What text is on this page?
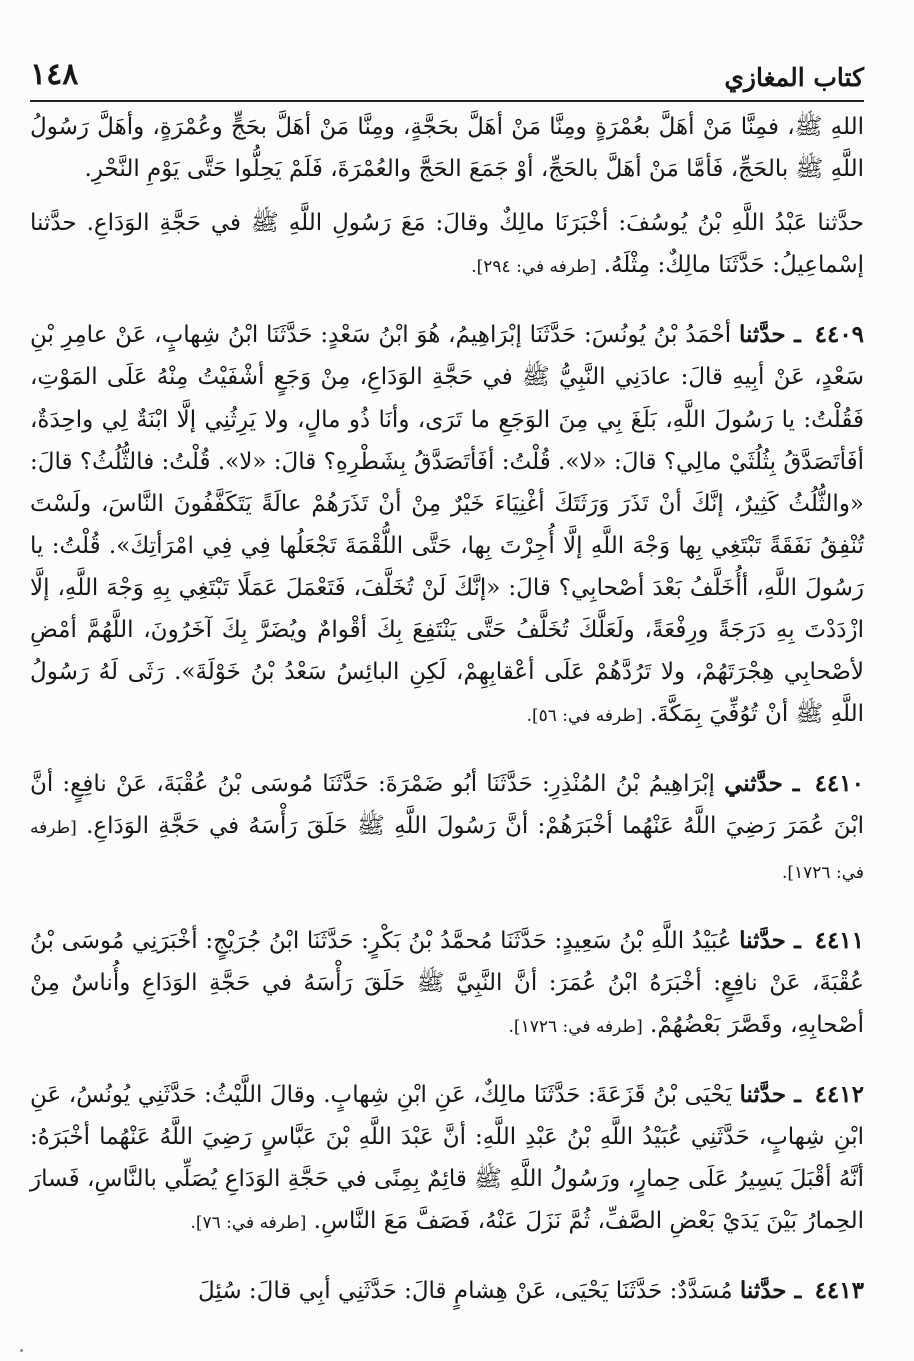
كتاب المغازي
١٤٨

اللهِ ﷺ، فمِنَّا مَنْ أهَلَّ بعُمْرَةٍ ومِنَّا مَنْ أهَلَّ بحَجَّةٍ، ومِنَّا مَنْ أهَلَّ بحَجٍّ وعُمْرَةٍ، وأهَلَّ رَسُولُ اللَّهِ ﷺ بالحَجِّ، فَأمَّا مَنْ أهَلَّ بالحَجِّ، أوْ جَمَعَ الحَجَّ والعُمْرَةَ، فَلَمْ يَحِلُّوا حَتَّى يَوْمِ النَّحْرِ.

حدَّثنا عَبْدُ اللَّهِ بْنُ يُوسُفَ: أخْبَرَنَا مالِكٌ وقالَ: مَعَ رَسُولِ اللَّهِ ﷺ في حَجَّةِ الوَدَاعِ. حدَّثنا إسْماعِيلُ: حَدَّثَنَا مالِكٌ: مِثْلَهُ. [طرفه في: ٢٩٤].

٤٤٠٩ ـ حدَّثنا أحْمَدُ بْنُ يُونُسَ: حَدَّثَنَا إبْرَاهِيمُ، هُوَ ابْنُ سَعْدٍ: حَدَّثَنَا ابْنُ شِهابٍ، عَنْ عامِرِ بْنِ سَعْدٍ، عَنْ أبِيهِ قالَ: عادَنِي النَّبِيُّ ﷺ في حَجَّةِ الوَدَاعِ، مِنْ وَجَعٍ أشْفَيْتُ مِنْهُ عَلَى المَوْتِ، فَقُلْتُ: يا رَسُولَ اللَّهِ، بَلَغَ بِي مِنَ الوَجَعِ ما تَرَى، وأنَا ذُو مالٍ، ولا يَرِثُنِي إلَّا ابْنَةٌ لِي واحِدَةٌ، أفَأتَصَدَّقُ بِثُلُثَيْ مالِي؟ قالَ: «لا». قُلْتُ: أفَأتَصَدَّقُ بِشَطْرِهِ؟ قالَ: «لا». قُلْتُ: فالثُّلُثُ؟ قالَ: «والثُّلُثُ كَثِيرٌ، إنَّكَ أنْ تَذَرَ وَرَثَتَكَ أغْنِيَاءَ خَيْرٌ مِنْ أنْ تَذَرَهُمْ عالَةً يَتَكَفَّفُونَ النَّاسَ، ولَسْتَ تُنْفِقُ نَفَقَةً تَبْتَغِي بِها وَجْهَ اللَّهِ إلَّا أُجِرْتَ بِها، حَتَّى اللُّقْمَةَ تَجْعَلُها فِي فِي امْرَأتِكَ». قُلْتُ: يا رَسُولَ اللَّهِ، أأُخَلَّفُ بَعْدَ أصْحابِي؟ قالَ: «إنَّكَ لَنْ تُخَلَّفَ، فَتَعْمَلَ عَمَلًا تَبْتَغِي بِهِ وَجْهَ اللَّهِ، إلَّا ازْدَدْتَ بِهِ دَرَجَةً ورِفْعَةً، ولَعَلَّكَ تُخَلَّفُ حَتَّى يَنْتَفِعَ بِكَ أقْوامٌ ويُضَرَّ بِكَ آخَرُونَ، اللَّهُمَّ أمْضِ لأصْحابِي هِجْرَتَهُمْ، ولا تَرُدَّهُمْ عَلَى أعْقابِهِمْ، لَكِنِ البائِسُ سَعْدُ بْنُ خَوْلَةَ». رَثَى لَهُ رَسُولُ اللَّهِ ﷺ أنْ تُوُفِّيَ بِمَكَّةَ. [طرفه في: ٥٦].

٤٤١٠ ـ حدَّثني إبْرَاهِيمُ بْنُ المُنْذِرِ: حَدَّثَنَا أبُو ضَمْرَةَ: حَدَّثَنَا مُوسَى بْنُ عُقْبَةَ، عَنْ نافِعٍ: أنَّ ابْنَ عُمَرَ رَضِيَ اللَّهُ عَنْهُما أخْبَرَهُمْ: أنَّ رَسُولَ اللَّهِ ﷺ حَلَقَ رَأْسَهُ في حَجَّةِ الوَدَاعِ. [طرفه في: ١٧٢٦].

٤٤١١ ـ حدَّثنا عُبَيْدُ اللَّهِ بْنُ سَعِيدٍ: حَدَّثَنَا مُحمَّدُ بْنُ بَكْرٍ: حَدَّثَنَا ابْنُ جُرَيْجٍ: أخْبَرَنِي مُوسَى بْنُ عُقْبَةَ، عَنْ نافِعٍ: أخْبَرَهُ ابْنُ عُمَرَ: أنَّ النَّبِيَّ ﷺ حَلَقَ رَأْسَهُ في حَجَّةِ الوَدَاعِ وأُناسٌ مِنْ أصْحابِهِ، وقَصَّرَ بَعْضُهُمْ. [طرفه في: ١٧٢٦].

٤٤١٢ ـ حدَّثنا يَحْيَى بْنُ قَزَعَةَ: حَدَّثَنَا مالِكٌ، عَنِ ابْنِ شِهابٍ. وقالَ اللَّيْثُ: حَدَّثَنِي يُونُسُ، عَنِ ابْنِ شِهابٍ، حَدَّثَنِي عُبَيْدُ اللَّهِ بْنُ عَبْدِ اللَّهِ: أنَّ عَبْدَ اللَّهِ بْنَ عَبَّاسٍ رَضِيَ اللَّهُ عَنْهُما أخْبَرَهُ: أنَّهُ أقْبَلَ يَسِيرُ عَلَى حِمارٍ، ورَسُولُ اللَّهِ ﷺ قائِمٌ بِمِنًى في حَجَّةِ الوَدَاعِ يُصَلِّي بالنَّاسِ، فَسارَ الحِمارُ بَيْنَ يَدَيْ بَعْضِ الصَّفِّ، ثُمَّ نَزَلَ عَنْهُ، فَصَفَّ مَعَ النَّاسِ. [طرفه في: ٧٦].

٤٤١٣ ـ حدَّثنا مُسَدَّدٌ: حَدَّثَنَا يَحْيَى، عَنْ هِشامٍ قالَ: حَدَّثَنِي أبِي قالَ: سُئِلَ
